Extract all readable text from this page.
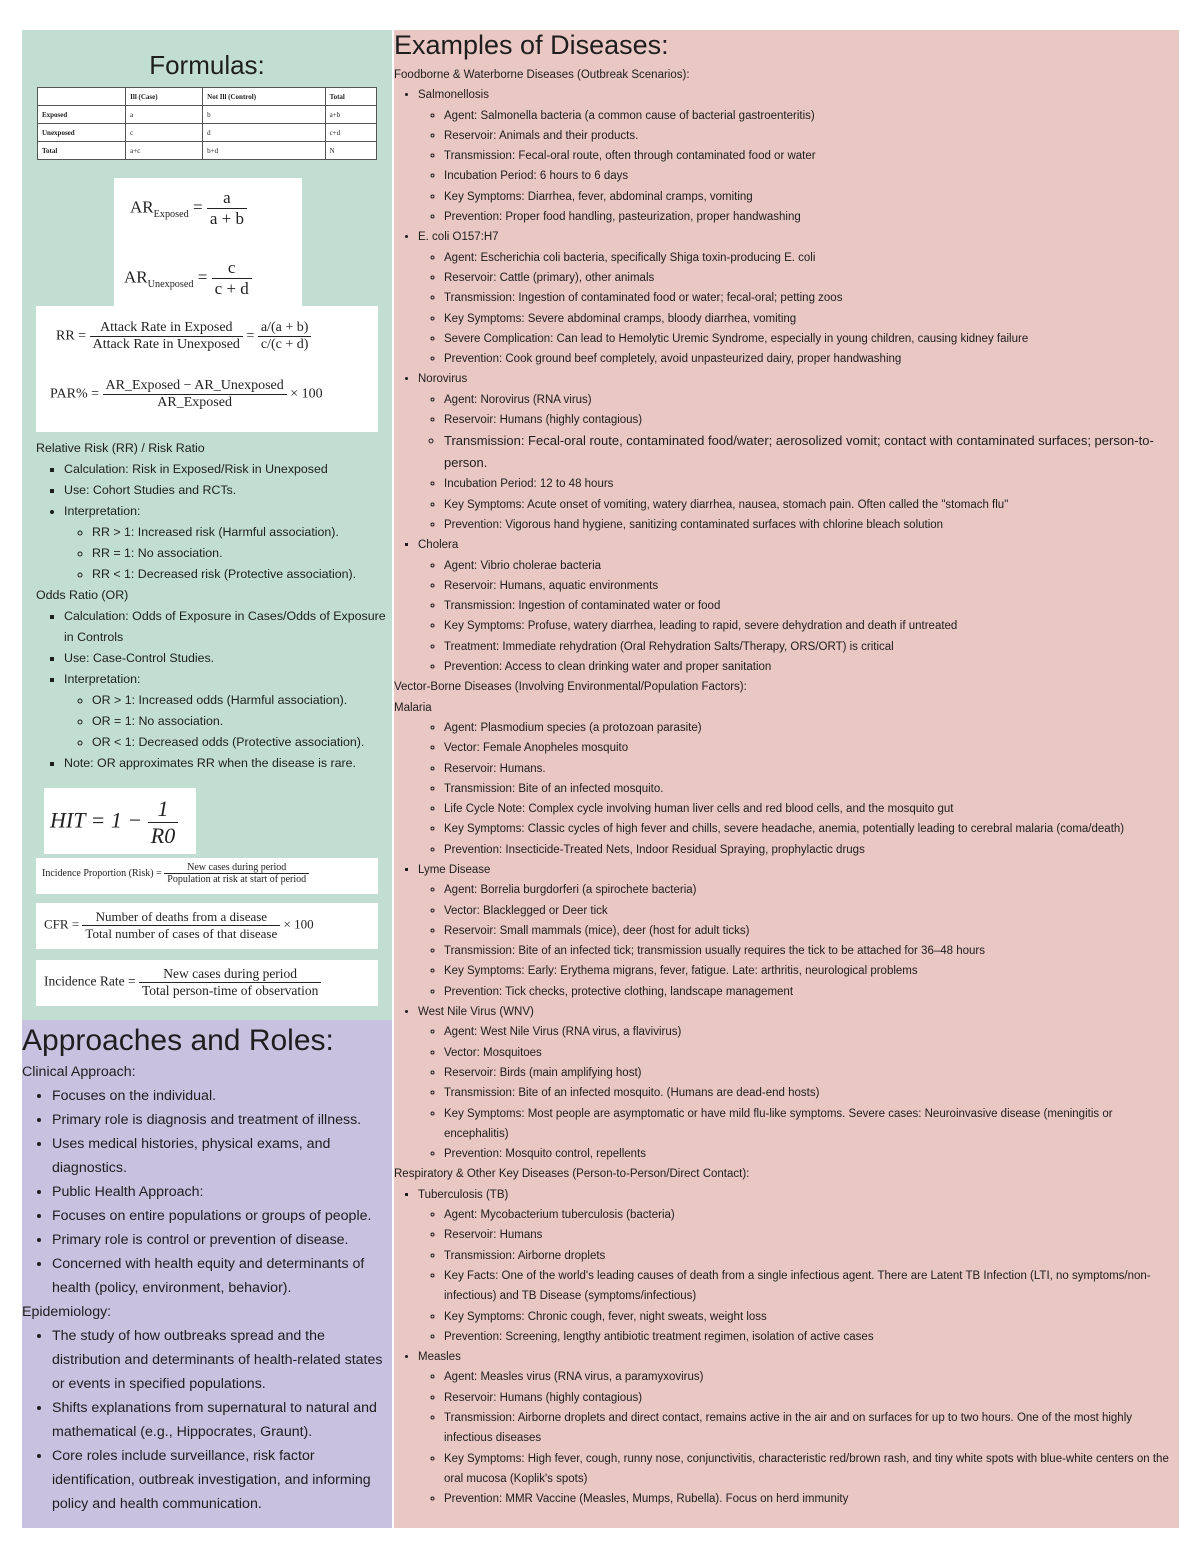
Formulas:
	Ill (Case)	Not Ill (Control)	Total
Exposed	a	b	a+b
Unexposed	c	d	c+d
Total	a+c	b+d	N
$AR_{Exposed} = \frac{a}{a + b}$
$AR_{Unexposed} = \frac{c}{c + d}$
RR = $\frac{\text{Attack Rate in Exposed}}{\text{Attack Rate in Unexposed}} = \frac{a/(a + b)}{c/(c + d)}$
$PAR\% = \frac{\text{AR\_Exposed − AR\_Unexposed}}{\text{AR\_Exposed}} \times 100$
Relative Risk (RR) / Risk Ratio
▪ Calculation: Risk in Exposed/Risk in Unexposed
▪ Use: Cohort Studies and RCTs.
• Interpretation:
◦ RR > 1: Increased risk (Harmful association).
◦ RR = 1: No association.
◦ RR < 1: Decreased risk (Protective association).
Odds Ratio (OR)
▪ Calculation: Odds of Exposure in Cases/Odds of Exposure in Controls
▪ Use: Case-Control Studies.
▪ Interpretation:
◦ OR > 1: Increased odds (Harmful association).
◦ OR = 1: No association.
◦ OR < 1: Decreased odds (Protective association).
▪ Note: OR approximates RR when the disease is rare.
HIT = $1 - \frac{1}{R0}$
Incidence Proportion (Risk) = $\frac{\text{New cases during period}}{\text{Population at risk at start of period}}$
CFR = $\frac{\text{Number of deaths from a disease}}{\text{Total number of cases of that disease}} \times 100$
Incidence Rate = $\frac{\text{New cases during period}}{\text{Total person-time of observation}}$
Approaches and Roles:
Clinical Approach:
• Focuses on the individual.
• Primary role is diagnosis and treatment of illness.
• Uses medical histories, physical exams, and diagnostics.
• Public Health Approach:
• Focuses on entire populations or groups of people.
• Primary role is control or prevention of disease.
• Concerned with health equity and determinants of health (policy, environment, behavior).
Epidemiology:
• The study of how outbreaks spread and the distribution and determinants of health-related states or events in specified populations.
• Shifts explanations from supernatural to natural and mathematical (e.g., Hippocrates, Graunt).
• Core roles include surveillance, risk factor identification, outbreak investigation, and informing policy and health communication.
Examples of Diseases:
Foodborne & Waterborne Diseases (Outbreak Scenarios):
• Salmonellosis
◦ Agent: Salmonella bacteria (a common cause of bacterial gastroenteritis)
◦ Reservoir: Animals and their products.
◦ Transmission: Fecal-oral route, often through contaminated food or water
◦ Incubation Period: 6 hours to 6 days
◦ Key Symptoms: Diarrhea, fever, abdominal cramps, vomiting
◦ Prevention: Proper food handling, pasteurization, proper handwashing
• E. coli O157:H7
◦ Agent: Escherichia coli bacteria, specifically Shiga toxin-producing E. coli
◦ Reservoir: Cattle (primary), other animals
◦ Transmission: Ingestion of contaminated food or water; fecal-oral; petting zoos
◦ Key Symptoms: Severe abdominal cramps, bloody diarrhea, vomiting
◦ Severe Complication: Can lead to Hemolytic Uremic Syndrome, especially in young children, causing kidney failure
◦ Prevention: Cook ground beef completely, avoid unpasteurized dairy, proper handwashing
• Norovirus
◦ Agent: Norovirus (RNA virus)
◦ Reservoir: Humans (highly contagious)
◦ Transmission: Fecal-oral route, contaminated food/water; aerosolized vomit; contact with contaminated surfaces; person-to-person.
◦ Incubation Period: 12 to 48 hours
◦ Key Symptoms: Acute onset of vomiting, watery diarrhea, nausea, stomach pain. Often called the "stomach flu"
◦ Prevention: Vigorous hand hygiene, sanitizing contaminated surfaces with chlorine bleach solution
▪ Cholera
◦ Agent: Vibrio cholerae bacteria
◦ Reservoir: Humans, aquatic environments
◦ Transmission: Ingestion of contaminated water or food
◦ Key Symptoms: Profuse, watery diarrhea, leading to rapid, severe dehydration and death if untreated
◦ Treatment: Immediate rehydration (Oral Rehydration Salts/Therapy, ORS/ORT) is critical
◦ Prevention: Access to clean drinking water and proper sanitation
Vector-Borne Diseases (Involving Environmental/Population Factors):
Malaria
◦ Agent: Plasmodium species (a protozoan parasite)
◦ Vector: Female Anopheles mosquito
◦ Reservoir: Humans.
◦ Transmission: Bite of an infected mosquito.
◦ Life Cycle Note: Complex cycle involving human liver cells and red blood cells, and the mosquito gut
◦ Key Symptoms: Classic cycles of high fever and chills, severe headache, anemia, potentially leading to cerebral malaria (coma/death)
◦ Prevention: Insecticide-Treated Nets, Indoor Residual Spraying, prophylactic drugs
▪ Lyme Disease
◦ Agent: Borrelia burgdorferi (a spirochete bacteria)
◦ Vector: Blacklegged or Deer tick
◦ Reservoir: Small mammals (mice), deer (host for adult ticks)
◦ Transmission: Bite of an infected tick; transmission usually requires the tick to be attached for 36–48 hours
◦ Key Symptoms: Early: Erythema migrans, fever, fatigue. Late: arthritis, neurological problems
◦ Prevention: Tick checks, protective clothing, landscape management
• West Nile Virus (WNV)
◦ Agent: West Nile Virus (RNA virus, a flavivirus)
◦ Vector: Mosquitoes
◦ Reservoir: Birds (main amplifying host)
◦ Transmission: Bite of an infected mosquito. (Humans are dead-end hosts)
◦ Key Symptoms: Most people are asymptomatic or have mild flu-like symptoms. Severe cases: Neuroinvasive disease (meningitis or encephalitis)
◦ Prevention: Mosquito control, repellents
Respiratory & Other Key Diseases (Person-to-Person/Direct Contact):
▪ Tuberculosis (TB)
◦ Agent: Mycobacterium tuberculosis (bacteria)
◦ Reservoir: Humans
◦ Transmission: Airborne droplets
◦ Key Facts: One of the world's leading causes of death from a single infectious agent. There are Latent TB Infection (LTI, no symptoms/non-infectious) and TB Disease (symptoms/infectious)
◦ Key Symptoms: Chronic cough, fever, night sweats, weight loss
◦ Prevention: Screening, lengthy antibiotic treatment regimen, isolation of active cases
• Measles
◦ Agent: Measles virus (RNA virus, a paramyxovirus)
◦ Reservoir: Humans (highly contagious)
◦ Transmission: Airborne droplets and direct contact, remains active in the air and on surfaces for up to two hours. One of the most highly infectious diseases
◦ Key Symptoms: High fever, cough, runny nose, conjunctivitis, characteristic red/brown rash, and tiny white spots with blue-white centers on the oral mucosa (Koplik's spots)
◦ Prevention: MMR Vaccine (Measles, Mumps, Rubella). Focus on herd immunity
